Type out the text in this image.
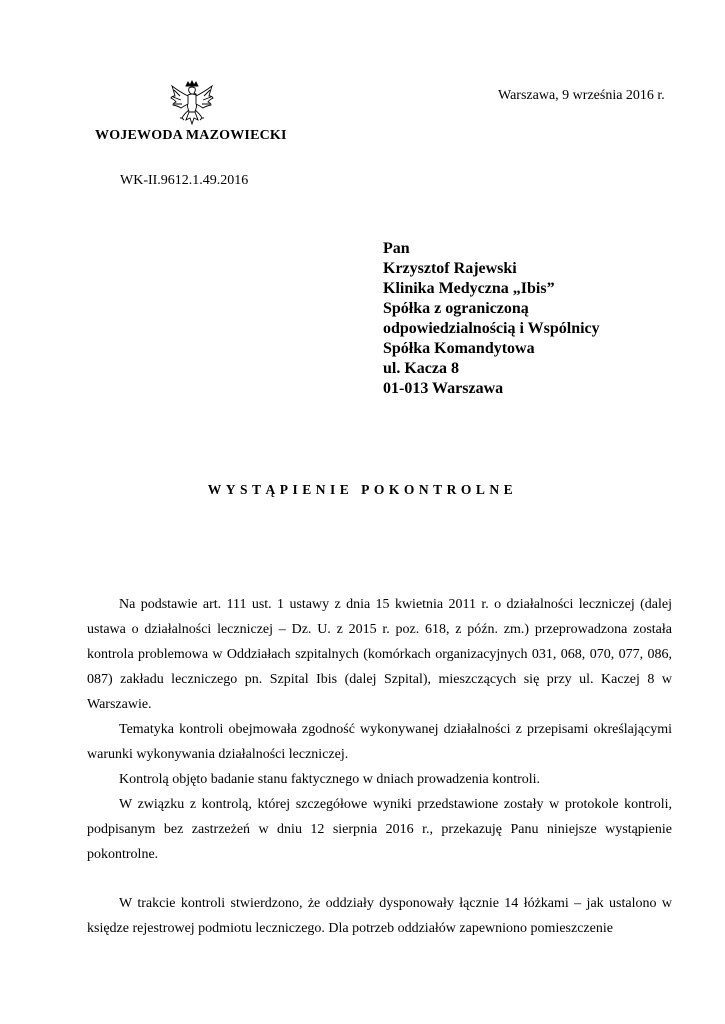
WOJEWODA MAZOWIECKI
Warszawa, 9 września 2016 r.
WK-II.9612.1.49.2016
Pan
Krzysztof Rajewski
Klinika Medyczna „Ibis”
Spółka z ograniczoną
odpowiedzialnością i Wspólnicy
Spółka Komandytowa
ul. Kacza 8
01-013 Warszawa
WYSTĄPIENIE POKONTROLNE

Na podstawie art. 111 ust. 1 ustawy z dnia 15 kwietnia 2011 r. o działalności leczniczej (dalej ustawa o działalności leczniczej – Dz. U. z 2015 r. poz. 618, z późn. zm.) przeprowadzona została kontrola problemowa w Oddziałach szpitalnych (komórkach organizacyjnych 031, 068, 070, 077, 086, 087) zakładu leczniczego pn. Szpital Ibis (dalej Szpital), mieszczących się przy ul. Kaczej 8 w Warszawie.

Tematyka kontroli obejmowała zgodność wykonywanej działalności z przepisami określającymi warunki wykonywania działalności leczniczej.

Kontrolą objęto badanie stanu faktycznego w dniach prowadzenia kontroli.

W związku z kontrolą, której szczegółowe wyniki przedstawione zostały w protokole kontroli, podpisanym bez zastrzeżeń w dniu 12 sierpnia 2016 r., przekazuję Panu niniejsze wystąpienie pokontrolne.

W trakcie kontroli stwierdzono, że oddziały dysponowały łącznie 14 łóżkami – jak ustalono w księdze rejestrowej podmiotu leczniczego. Dla potrzeb oddziałów zapewniono pomieszczenie
